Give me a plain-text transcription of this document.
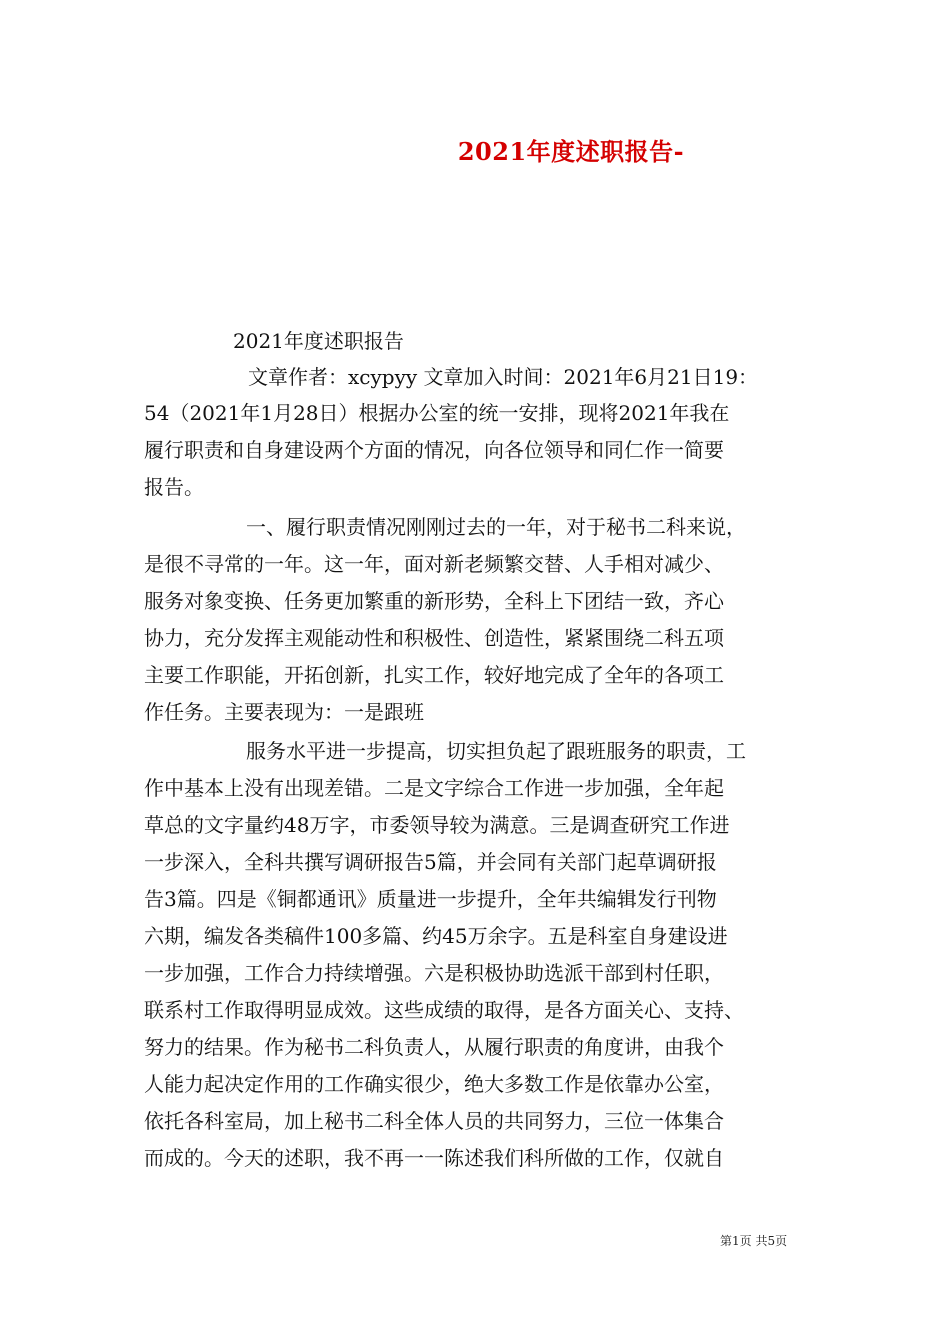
2021年度述职报告-
2021年度述职报告
文章作者：xcypyy 文章加入时间：2021年6月21日19：
54（2021年1月28日）根据办公室的统一安排，现将2021年我在
履行职责和自身建设两个方面的情况，向各位领导和同仁作一简要
报告。
一、履行职责情况刚刚过去的一年，对于秘书二科来说，
是很不寻常的一年。这一年，面对新老频繁交替、人手相对减少、
服务对象变换、任务更加繁重的新形势，全科上下团结一致，齐心
协力，充分发挥主观能动性和积极性、创造性，紧紧围绕二科五项
主要工作职能，开拓创新，扎实工作，较好地完成了全年的各项工
作任务。主要表现为：一是跟班
服务水平进一步提高，切实担负起了跟班服务的职责，工
作中基本上没有出现差错。二是文字综合工作进一步加强，全年起
草总的文字量约48万字，市委领导较为满意。三是调查研究工作进
一步深入，全科共撰写调研报告5篇，并会同有关部门起草调研报
告3篇。四是《铜都通讯》质量进一步提升，全年共编辑发行刊物
六期，编发各类稿件100多篇、约45万余字。五是科室自身建设进
一步加强，工作合力持续增强。六是积极协助选派干部到村任职，
联系村工作取得明显成效。这些成绩的取得，是各方面关心、支持、
努力的结果。作为秘书二科负责人，从履行职责的角度讲，由我个
人能力起决定作用的工作确实很少，绝大多数工作是依靠办公室，
依托各科室局，加上秘书二科全体人员的共同努力，三位一体集合
而成的。今天的述职，我不再一一陈述我们科所做的工作，仅就自
第1页 共5页
